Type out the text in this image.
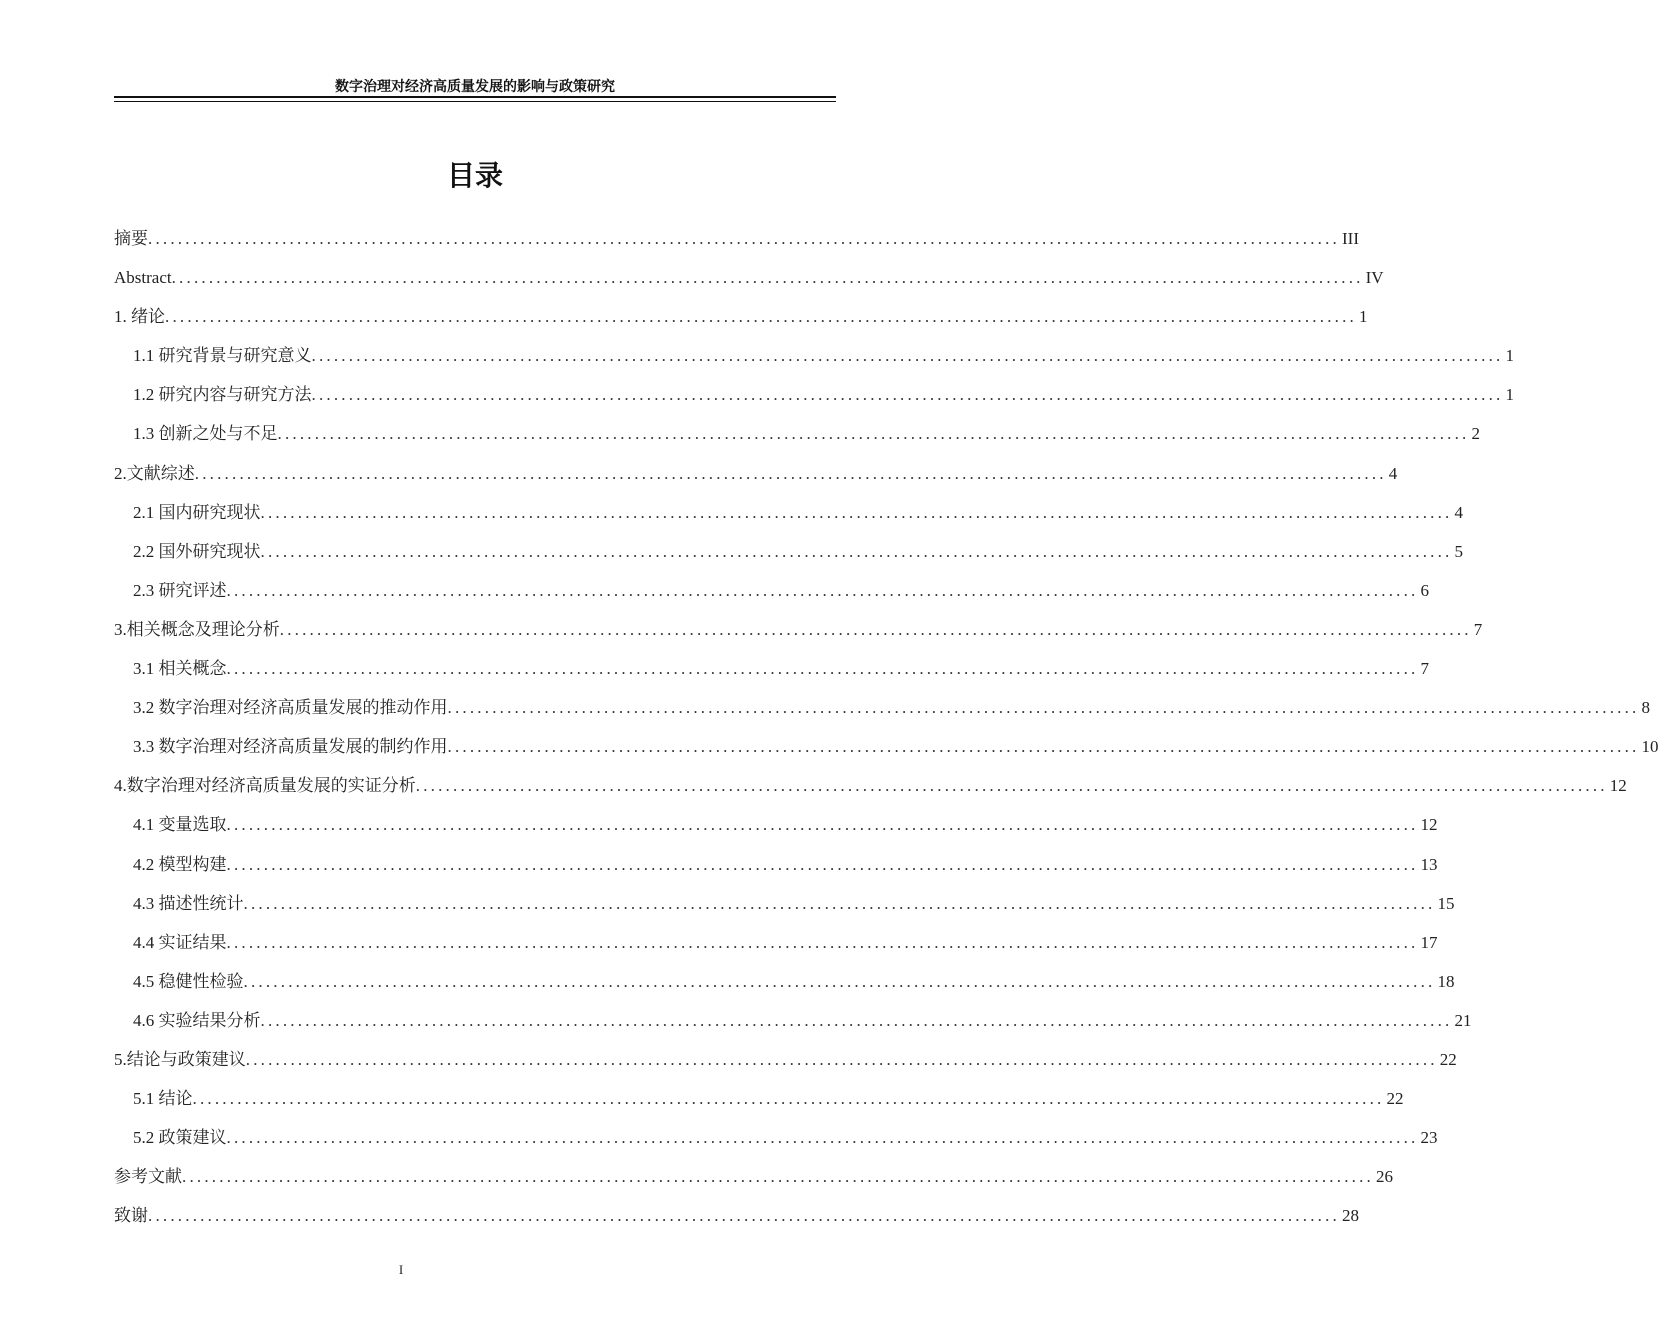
数字治理对经济高质量发展的影响与政策研究
目录
摘要 ................................................................................................................................................................ III
Abstract ................................................................................................................................................................ IV
1. 绪论 ................................................................................................................................................................ 1
1.1 研究背景与研究意义 ................................................................................................................................................................ 1
1.2 研究内容与研究方法 ................................................................................................................................................................ 1
1.3 创新之处与不足 ................................................................................................................................................................ 2
2.文献综述 ................................................................................................................................................................ 4
2.1 国内研究现状 ................................................................................................................................................................ 4
2.2 国外研究现状 ................................................................................................................................................................ 5
2.3 研究评述 ................................................................................................................................................................ 6
3.相关概念及理论分析 ................................................................................................................................................................ 7
3.1 相关概念 ................................................................................................................................................................ 7
3.2 数字治理对经济高质量发展的推动作用 ................................................................................................................................................................ 8
3.3 数字治理对经济高质量发展的制约作用 ................................................................................................................................................................ 10
4.数字治理对经济高质量发展的实证分析 ................................................................................................................................................................ 12
4.1 变量选取 ................................................................................................................................................................ 12
4.2 模型构建 ................................................................................................................................................................ 13
4.3 描述性统计 ................................................................................................................................................................ 15
4.4 实证结果 ................................................................................................................................................................ 17
4.5 稳健性检验 ................................................................................................................................................................ 18
4.6 实验结果分析 ................................................................................................................................................................ 21
5.结论与政策建议 ................................................................................................................................................................ 22
5.1 结论 ................................................................................................................................................................ 22
5.2 政策建议 ................................................................................................................................................................ 23
参考文献 ................................................................................................................................................................ 26
致谢 ................................................................................................................................................................ 28
I
